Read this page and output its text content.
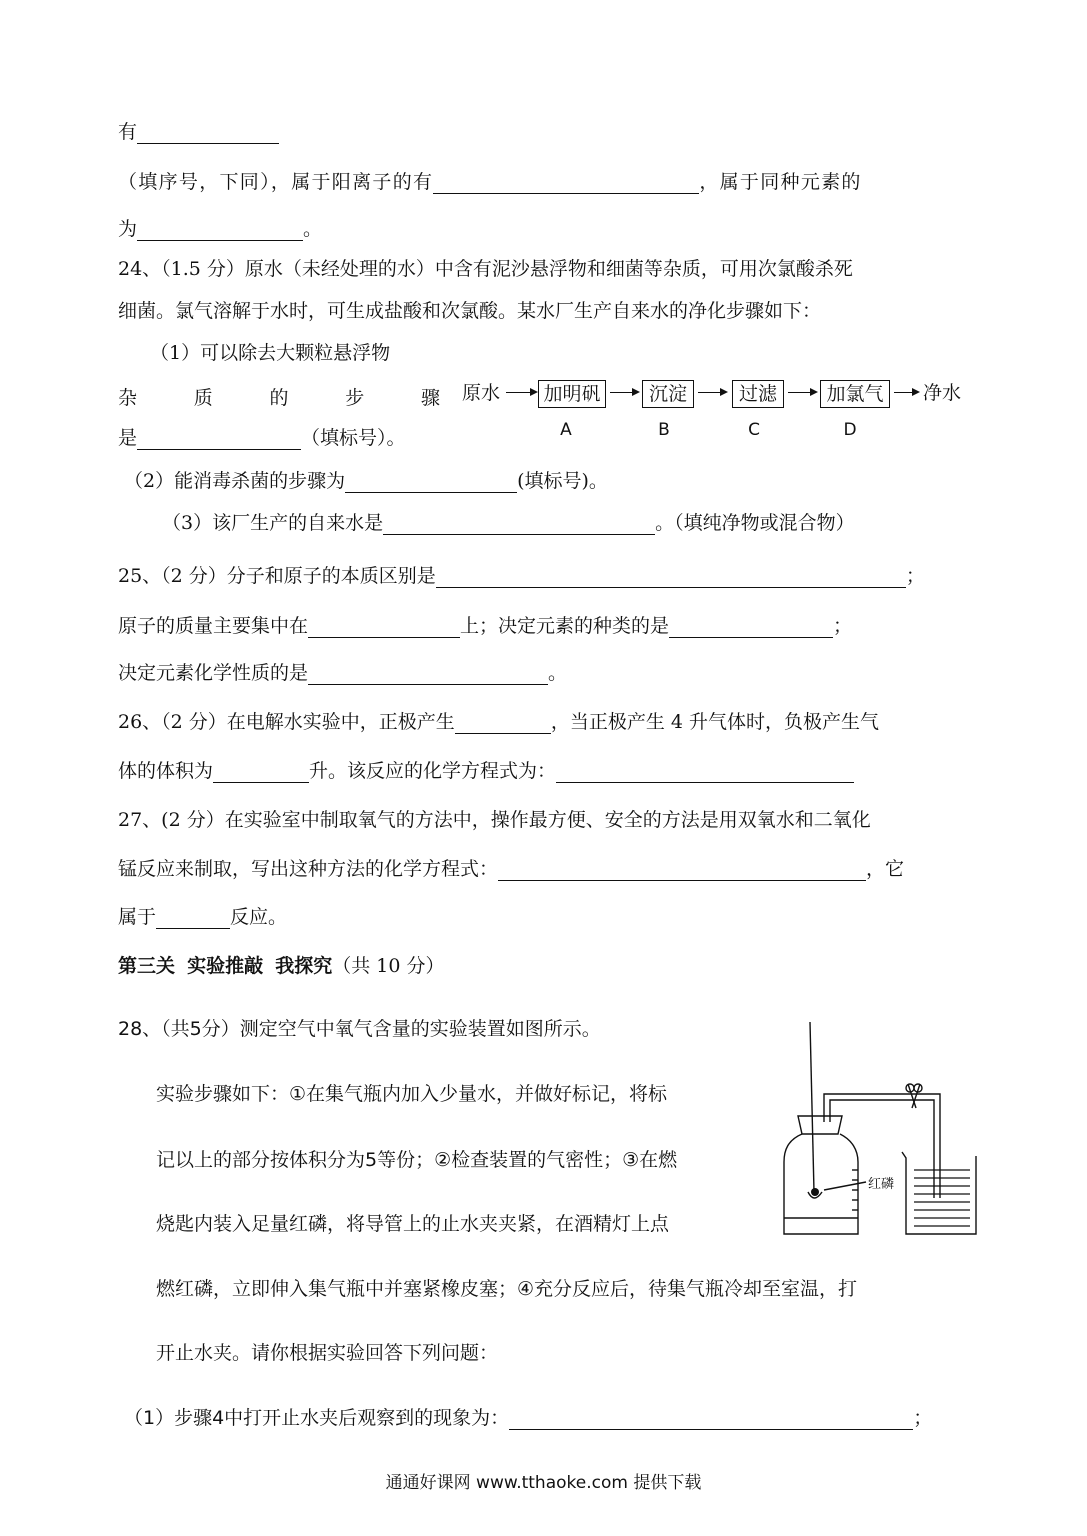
有
（填序号，下同），属于阳离子的有	，属于同种元素的
为	。
24、（1.5 分）原水（未经处理的水）中含有泥沙悬浮物和细菌等杂质，可用次氯酸杀死
细菌。氯气溶解于水时，可生成盐酸和次氯酸。某水厂生产自来水的净化步骤如下：
（1）可以除去大颗粒悬浮物
杂	质	的	步	骤 原水 加明矾	沉淀	过滤	加氯气	净水
A	B	C	D
是	（填标号）。
（2）能消毒杀菌的步骤为	(填标号)。
（3）该厂生产的自来水是	。（填纯净物或混合物）
25、（2 分）分子和原子的本质区别是	；
原子的质量主要集中在	上；决定元素的种类的是	；
决定元素化学性质的是	。
26、（2 分）在电解水实验中，正极产生	，当正极产生 4 升气体时，负极产生气
体的体积为	升。该反应的化学方程式为：
27、(2 分）在实验室中制取氧气的方法中，操作最方便、安全的方法是用双氧水和二氧化
锰反应来制取，写出这种方法的化学方程式：	，它
属于	反应。
第三关 实验推敲 我探究（共 10 分）
28、（共5分）测定空气中氧气含量的实验装置如图所示。
实验步骤如下：①在集气瓶内加入少量水，并做好标记，将标
记以上的部分按体积分为5等份；②检查装置的气密性；③在燃
烧匙内装入足量红磷，将导管上的止水夹夹紧，在酒精灯上点
燃红磷，立即伸入集气瓶中并塞紧橡皮塞；④充分反应后，待集气瓶冷却至室温，打
开止水夹。请你根据实验回答下列问题：
（1）步骤4中打开止水夹后观察到的现象为：	；
红磷
通通好课网 www.tthaoke.com 提供下载
